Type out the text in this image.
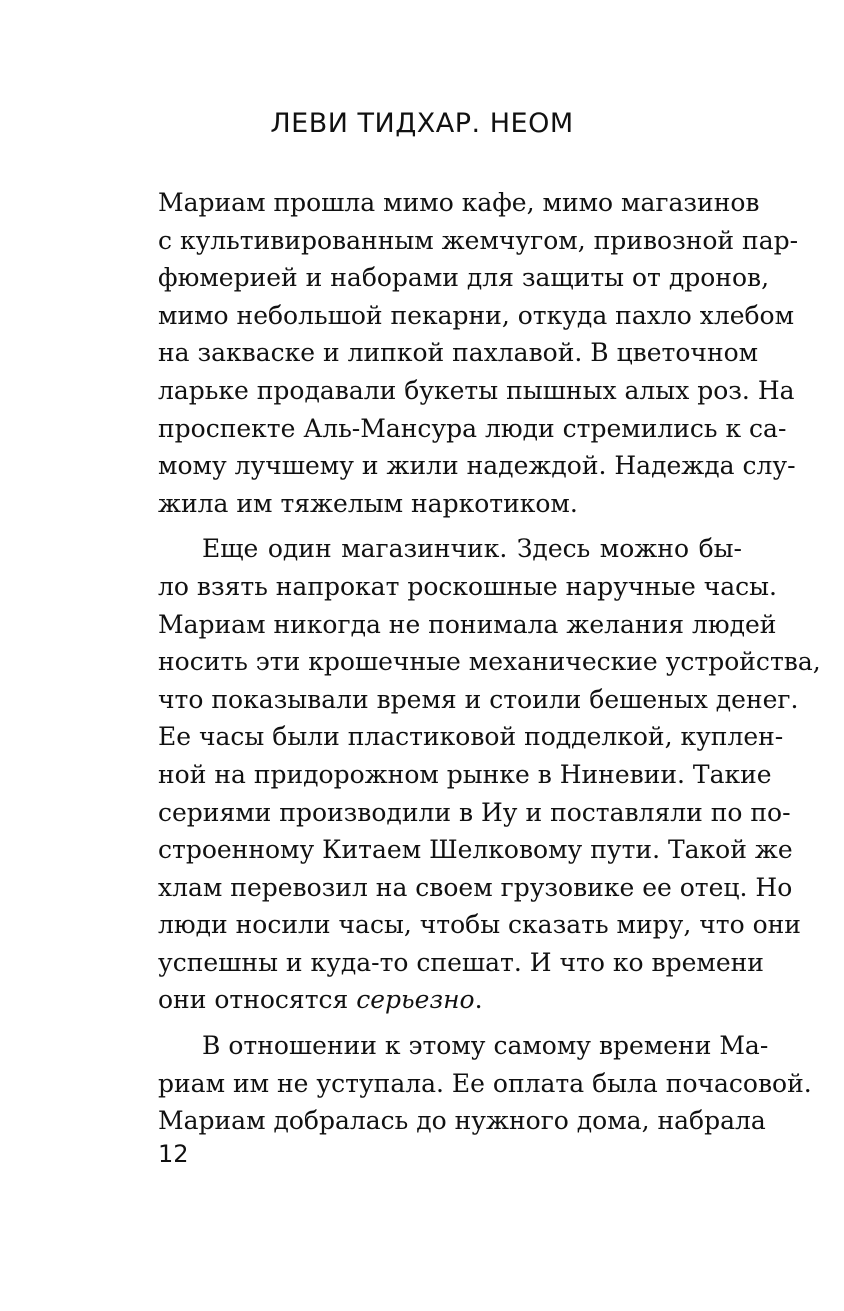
ЛЕВИ ТИДХАР. НЕОМ
Мариам прошла мимо кафе, мимо магазинов
с культивированным жемчугом, привозной пар-
фюмерией и наборами для защиты от дронов,
мимо небольшой пекарни, откуда пахло хлебом
на закваске и липкой пахлавой. В цветочном
ларьке продавали букеты пышных алых роз. На
проспекте Аль-Мансура люди стремились к са-
мому лучшему и жили надеждой. Надежда слу-
жила им тяжелым наркотиком.
Еще один магазинчик. Здесь можно бы-
ло взять напрокат роскошные наручные часы.
Мариам никогда не понимала желания людей
носить эти крошечные механические устройства,
что показывали время и стоили бешеных денег.
Ее часы были пластиковой подделкой, куплен-
ной на придорожном рынке в Ниневии. Такие
сериями производили в Иу и поставляли по по-
строенному Китаем Шелковому пути. Такой же
хлам перевозил на своем грузовике ее отец. Но
люди носили часы, чтобы сказать миру, что они
успешны и куда-то спешат. И что ко времени
они относятся серьезно.
В отношении к этому самому времени Ма-
риам им не уступала. Ее оплата была почасовой.
Мариам добралась до нужного дома, набрала
12
